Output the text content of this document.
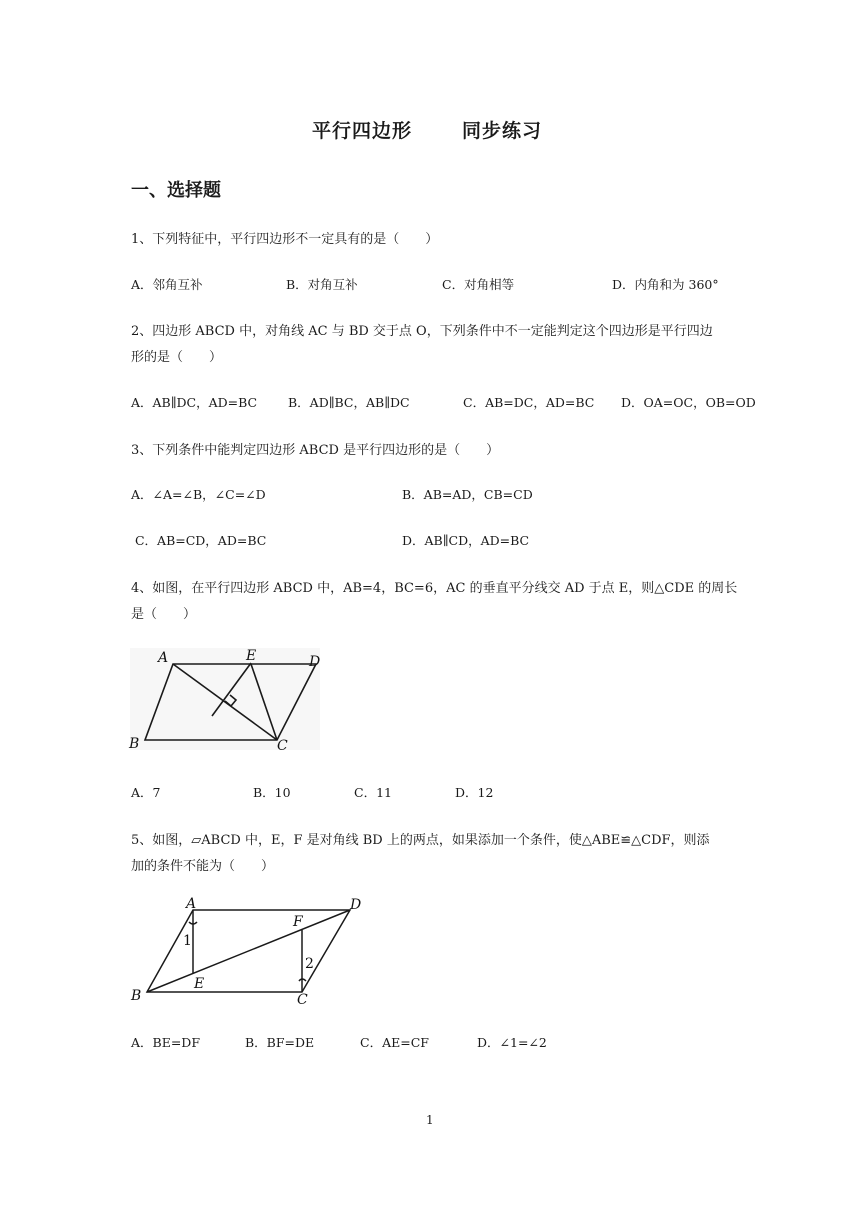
平行四边形	同步练习
一、选择题
1、下列特征中，平行四边形不一定具有的是（　　）
A．邻角互补	B．对角互补	C．对角相等	D．内角和为 360°
2、四边形 ABCD 中，对角线 AC 与 BD 交于点 O，下列条件中不一定能判定这个四边形是平行四边
形的是（　　）
A．AB∥DC，AD=BC B．AD∥BC，AB∥DC	C．AB=DC，AD=BC D．OA=OC，OB=OD
3、下列条件中能判定四边形 ABCD 是平行四边形的是（　　）
A．∠A=∠B，∠C=∠D	B．AB=AD，CB=CD
C．AB=CD，AD=BC	D．AB∥CD，AD=BC
4、如图，在平行四边形 ABCD 中，AB=4，BC=6，AC 的垂直平分线交 AD 于点 E，则△CDE 的周长
是（　　）
A	E	D
B	C
A．7	B．10	C．11	D．12
5、如图，▱ABCD 中，E，F 是对角线 BD 上的两点，如果添加一个条件，使△ABE≌△CDF，则添
加的条件不能为（　　）
A	D
F
1
2
E
B	C
A．BE=DF	B．BF=DE	C．AE=CF	D．∠1=∠2
1
